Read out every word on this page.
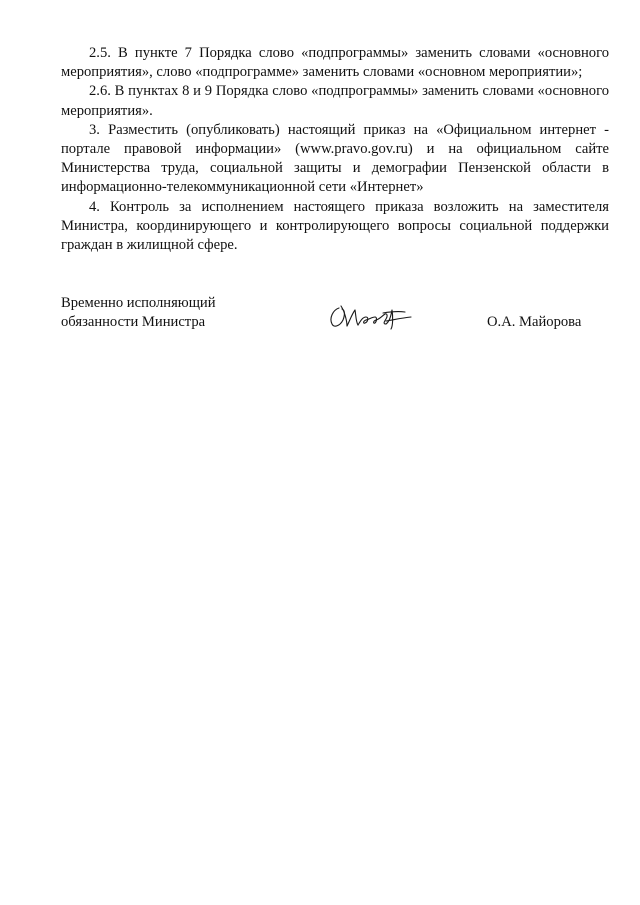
2.5. В пункте 7 Порядка слово «подпрограммы» заменить словами «основного мероприятия», слово «подпрограмме» заменить словами «основном мероприятии»;

2.6. В пунктах 8 и 9 Порядка слово «подпрограммы» заменить словами «основного мероприятия».

3. Разместить (опубликовать) настоящий приказ на «Официальном интернет - портале правовой информации» (www.pravo.gov.ru) и на официальном сайте Министерства труда, социальной защиты и демографии Пензенской области в информационно-телекоммуникационной сети «Интернет»

4. Контроль за исполнением настоящего приказа возложить на заместителя Министра, координирующего и контролирующего вопросы социальной поддержки граждан в жилищной сфере.

Временно исполняющий
обязанности Министра	О.А. Майорова
